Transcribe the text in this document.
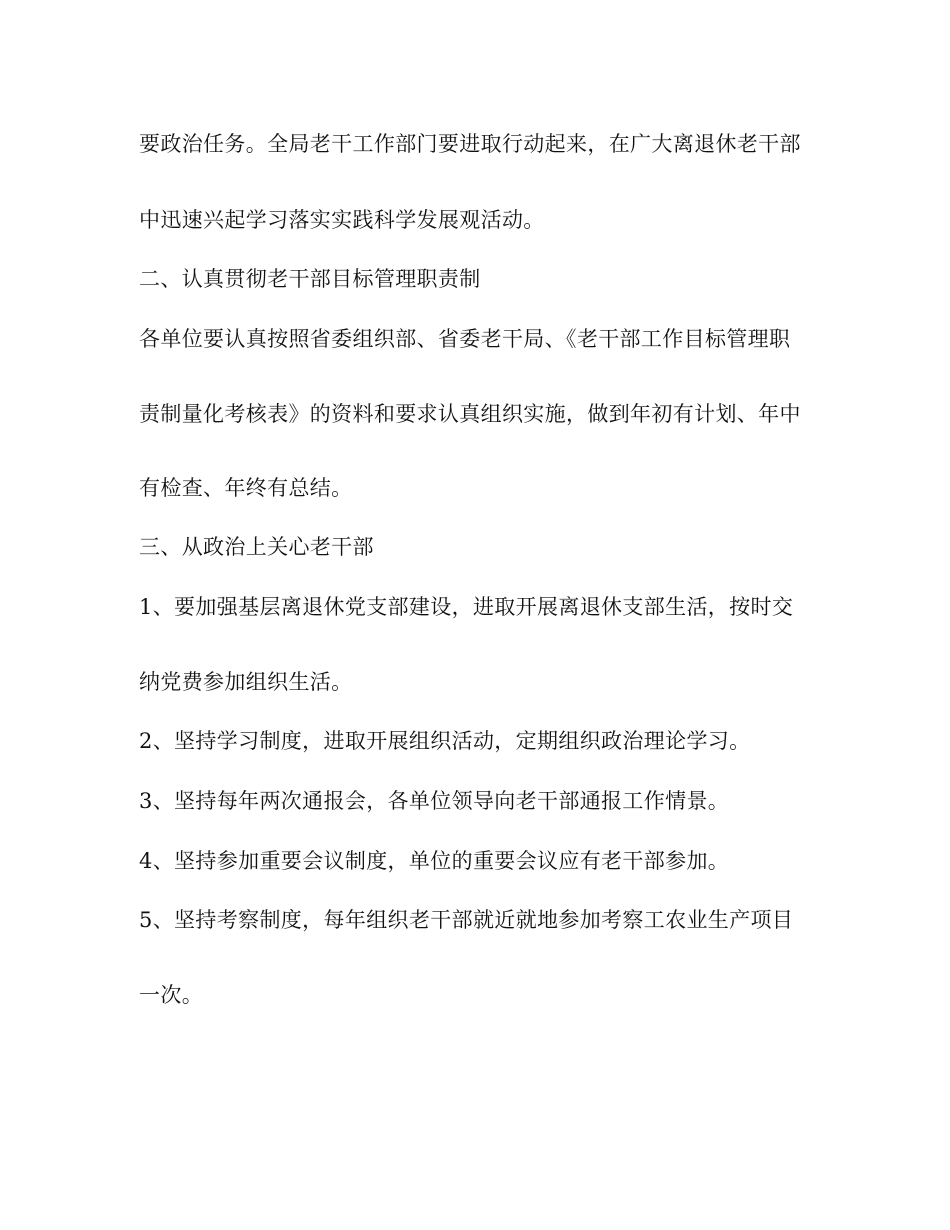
要政治任务。全局老干工作部门要进取行动起来，在广大离退休老干部
中迅速兴起学习落实实践科学发展观活动。
二、认真贯彻老干部目标管理职责制
各单位要认真按照省委组织部、省委老干局、《老干部工作目标管理职
责制量化考核表》的资料和要求认真组织实施，做到年初有计划、年中
有检查、年终有总结。
三、从政治上关心老干部
1、要加强基层离退休党支部建设，进取开展离退休支部生活，按时交
纳党费参加组织生活。
2、坚持学习制度，进取开展组织活动，定期组织政治理论学习。
3、坚持每年两次通报会，各单位领导向老干部通报工作情景。
4、坚持参加重要会议制度，单位的重要会议应有老干部参加。
5、坚持考察制度，每年组织老干部就近就地参加考察工农业生产项目
一次。
